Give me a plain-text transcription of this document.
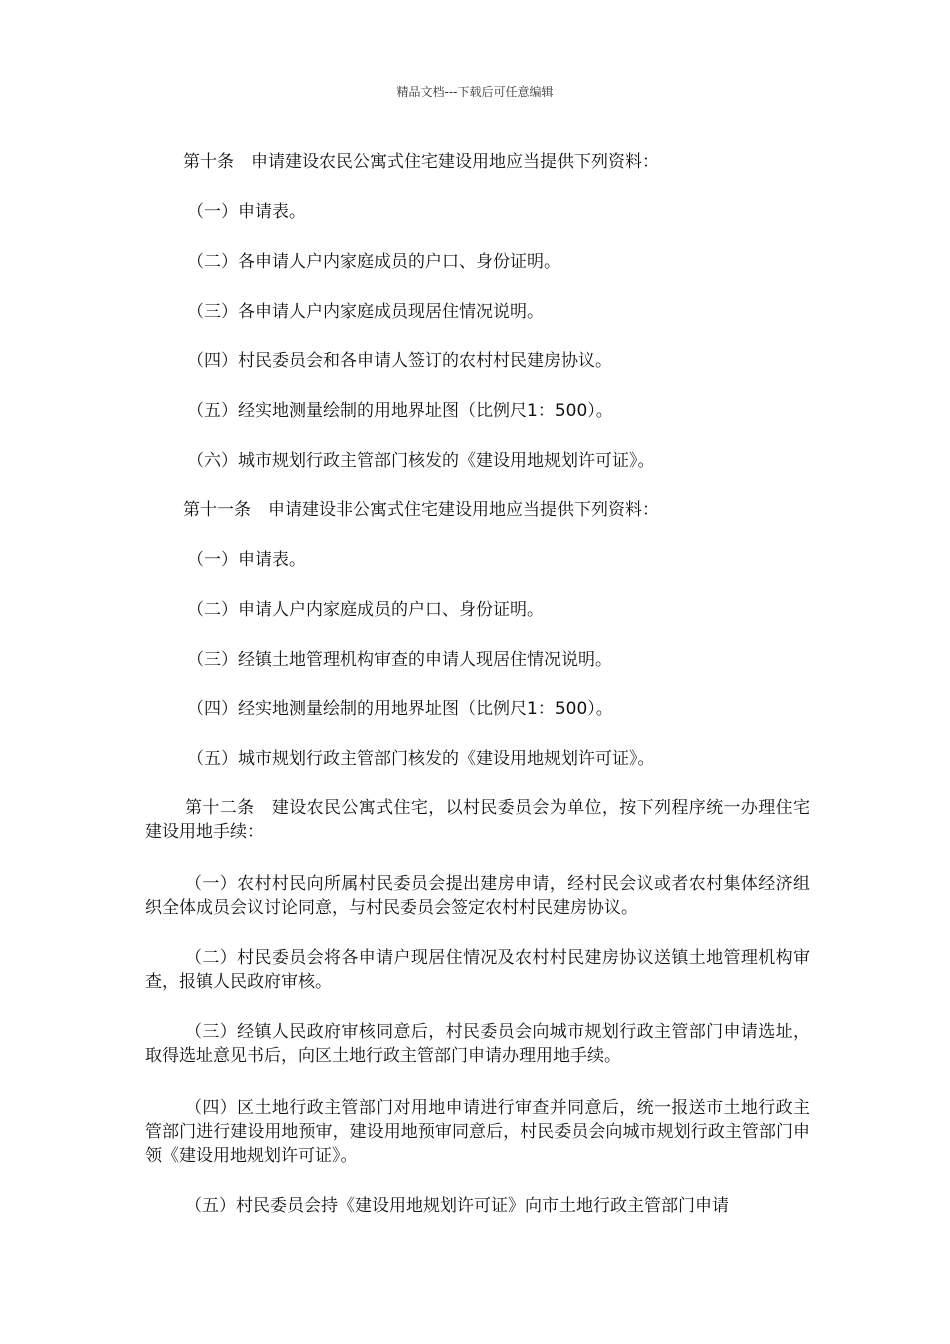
精品文档---下载后可任意编辑
第十条　申请建设农民公寓式住宅建设用地应当提供下列资料：
（一）申请表。
（二）各申请人户内家庭成员的户口、身份证明。
（三）各申请人户内家庭成员现居住情况说明。
（四）村民委员会和各申请人签订的农村村民建房协议。
（五）经实地测量绘制的用地界址图（比例尺1：500）。
（六）城市规划行政主管部门核发的《建设用地规划许可证》。
第十一条　申请建设非公寓式住宅建设用地应当提供下列资料：
（一）申请表。
（二）申请人户内家庭成员的户口、身份证明。
（三）经镇土地管理机构审查的申请人现居住情况说明。
（四）经实地测量绘制的用地界址图（比例尺1：500）。
（五）城市规划行政主管部门核发的《建设用地规划许可证》。
第十二条　建设农民公寓式住宅，以村民委员会为单位，按下列程序统一办理住宅建设用地手续：
（一）农村村民向所属村民委员会提出建房申请，经村民会议或者农村集体经济组织全体成员会议讨论同意，与村民委员会签定农村村民建房协议。
（二）村民委员会将各申请户现居住情况及农村村民建房协议送镇土地管理机构审查，报镇人民政府审核。
（三）经镇人民政府审核同意后，村民委员会向城市规划行政主管部门申请选址，取得选址意见书后，向区土地行政主管部门申请办理用地手续。
（四）区土地行政主管部门对用地申请进行审查并同意后，统一报送市土地行政主管部门进行建设用地预审，建设用地预审同意后，村民委员会向城市规划行政主管部门申领《建设用地规划许可证》。
（五）村民委员会持《建设用地规划许可证》向市土地行政主管部门申请
